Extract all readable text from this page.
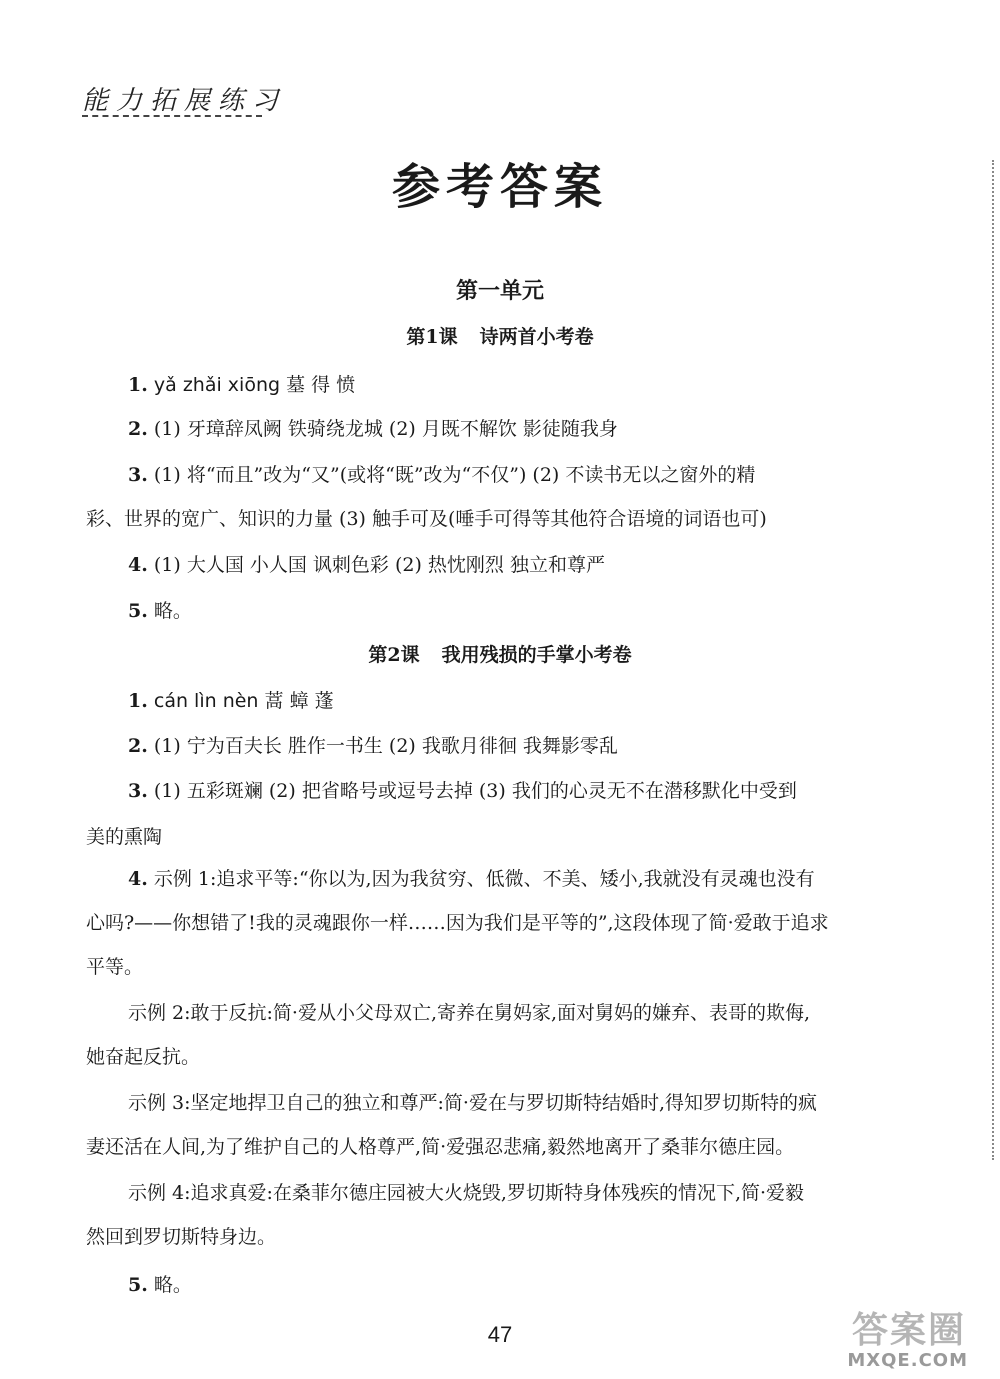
能力拓展练习
参考答案
第一单元
第1课 诗两首小考卷
1. yǎ zhǎi xiōng 墓 得 愤
2. (1) 牙璋辞凤阙 铁骑绕龙城 (2) 月既不解饮 影徒随我身
3. (1) 将“而且”改为“又”(或将“既”改为“不仅”) (2) 不读书无以之窗外的精
彩、世界的宽广、知识的力量 (3) 触手可及(唾手可得等其他符合语境的词语也可)
4. (1) 大人国 小人国 讽刺色彩 (2) 热忱刚烈 独立和尊严
5. 略。
第2课 我用残损的手掌小考卷
1. cán lìn nèn 蒿 蟑 蓬
2. (1) 宁为百夫长 胜作一书生 (2) 我歌月徘徊 我舞影零乱
3. (1) 五彩斑斓 (2) 把省略号或逗号去掉 (3) 我们的心灵无不在潜移默化中受到
美的熏陶
4. 示例 1:追求平等:“你以为,因为我贫穷、低微、不美、矮小,我就没有灵魂也没有
心吗?——你想错了!我的灵魂跟你一样……因为我们是平等的”,这段体现了简·爱敢于追求
平等。
示例 2:敢于反抗:简·爱从小父母双亡,寄养在舅妈家,面对舅妈的嫌弃、表哥的欺侮,
她奋起反抗。
示例 3:坚定地捍卫自己的独立和尊严:简·爱在与罗切斯特结婚时,得知罗切斯特的疯
妻还活在人间,为了维护自己的人格尊严,简·爱强忍悲痛,毅然地离开了桑菲尔德庄园。
示例 4:追求真爱:在桑菲尔德庄园被大火烧毁,罗切斯特身体残疾的情况下,简·爱毅
然回到罗切斯特身边。
5. 略。
47	答案圈
MXQE.COM
